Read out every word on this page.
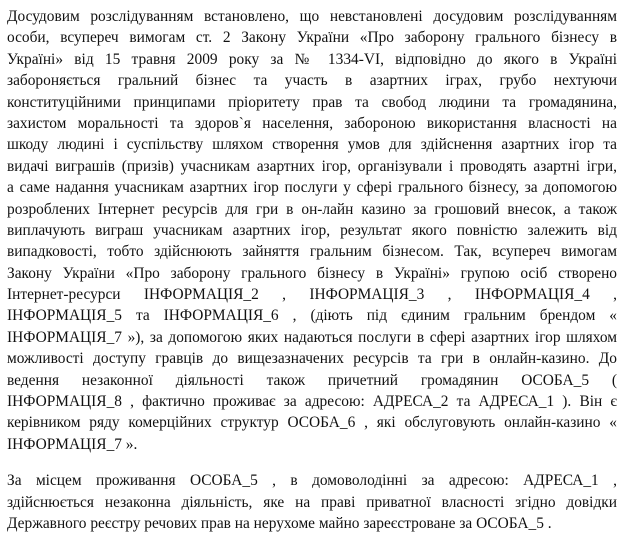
Досудовим розслідуванням встановлено, що невстановлені досудовим розслідуванням
особи, всупереч вимогам ст. 2 Закону України «Про заборону грального бізнесу в
Україні» від 15 травня 2009 року за № 1334-VI, відповідно до якого в Україні
забороняється гральний бізнес та участь в азартних іграх, грубо нехтуючи
конституційними принципами пріоритету прав та свобод людини та громадянина,
захистом моральності та здоров`я населення, забороною використання власності на
шкоду людині і суспільству шляхом створення умов для здійснення азартних ігор та
видачі виграшів (призів) учасникам азартних ігор, організували і проводять азартні ігри,
а саме надання учасникам азартних ігор послуги у сфері грального бізнесу, за допомогою
розроблених Інтернет ресурсів для гри в он-лайн казино за грошовий внесок, а також
виплачують виграш учасникам азартних ігор, результат якого повністю залежить від
випадковості, тобто здійснюють зайняття гральним бізнесом. Так, всупереч вимогам
Закону України «Про заборону грального бізнесу в Україні» групою осіб створено
Інтернет-ресурси ІНФОРМАЦІЯ_2 , ІНФОРМАЦІЯ_3 , ІНФОРМАЦІЯ_4 ,
ІНФОРМАЦІЯ_5 та ІНФОРМАЦІЯ_6 , (діють під єдиним гральним брендом «
ІНФОРМАЦІЯ_7 »), за допомогою яких надаються послуги в сфері азартних ігор шляхом
можливості доступу гравців до вищезазначених ресурсів та гри в онлайн-казино. До
ведення незаконної діяльності також причетний громадянин ОСОБА_5 (
ІНФОРМАЦІЯ_8 , фактично проживає за адресою: АДРЕСА_2 та АДРЕСА_1 ). Він є
керівником ряду комерційних структур ОСОБА_6 , які обслуговують онлайн-казино «
ІНФОРМАЦІЯ_7 ».
За місцем проживання ОСОБА_5 , в домоволодінні за адресою: АДРЕСА_1 ,
здійснюється незаконна діяльність, яке на праві приватної власності згідно довідки
Державного реєстру речових прав на нерухоме майно зареєстроване за ОСОБА_5 .
